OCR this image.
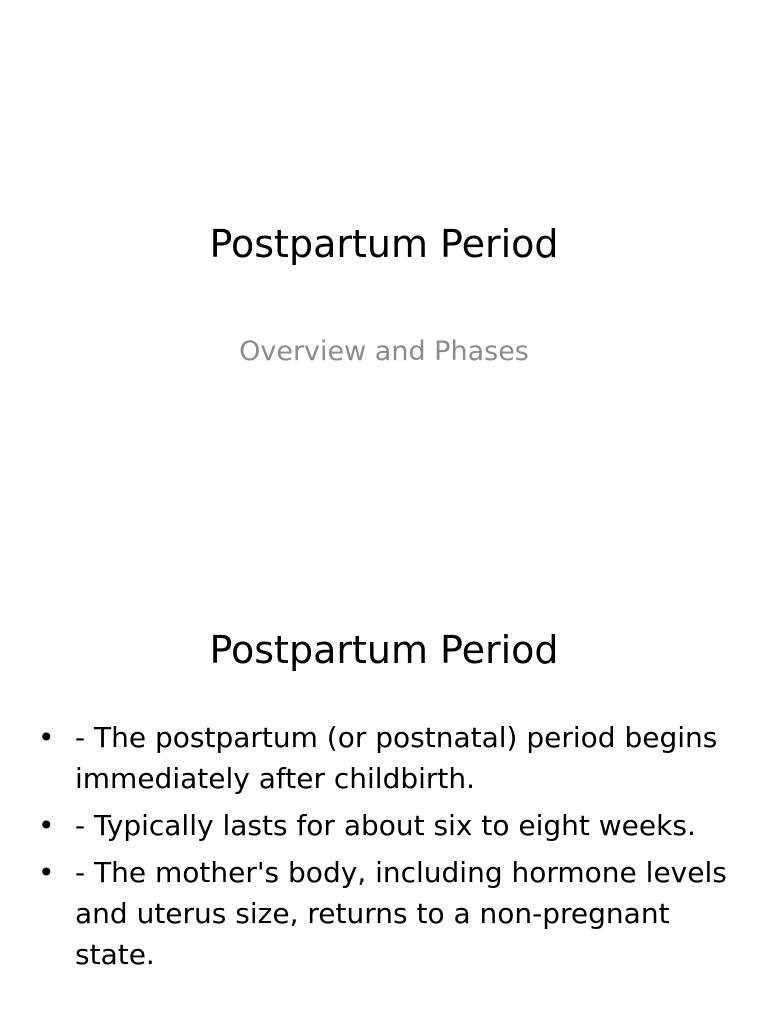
Postpartum Period

Overview and Phases

Postpartum Period
• - The postpartum (or postnatal) period begins immediately after childbirth.
• - Typically lasts for about six to eight weeks.
• - The mother's body, including hormone levels and uterus size, returns to a non-pregnant state.
